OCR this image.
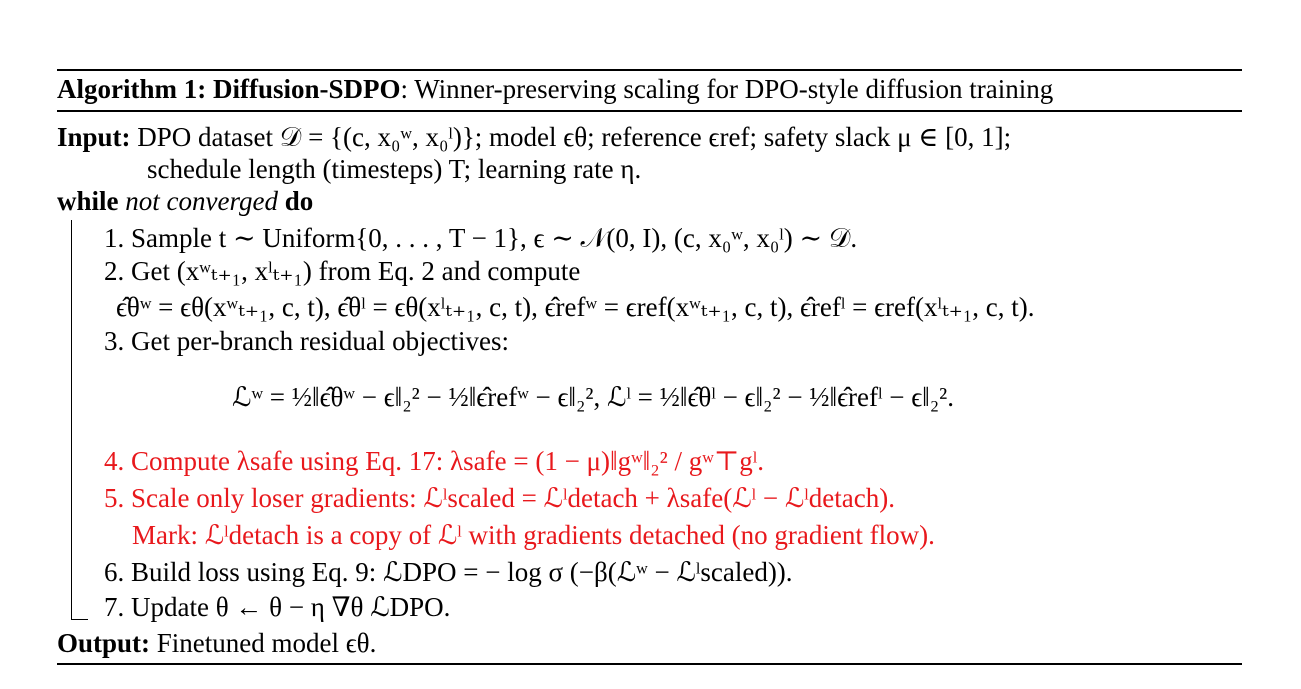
Algorithm 1: Diffusion-SDPO: Winner-preserving scaling for DPO-style diffusion training
Input: DPO dataset 𝒟 = {(c, x₀ʷ, x₀ˡ)}; model ϵθ; reference ϵref; safety slack μ ∈ [0, 1];
schedule length (timesteps) T; learning rate η.
while not converged do
1. Sample t ∼ Uniform{0, . . . , T − 1}, ϵ ∼ 𝒩(0, I), (c, x₀ʷ, x₀ˡ) ∼ 𝒟.
2. Get (xʷₜ₊₁, xˡₜ₊₁) from Eq. 2 and compute
ϵ̂θʷ = ϵθ(xʷₜ₊₁, c, t), ϵ̂θˡ = ϵθ(xˡₜ₊₁, c, t), ϵ̂refʷ = ϵref(xʷₜ₊₁, c, t), ϵ̂refˡ = ϵref(xˡₜ₊₁, c, t).
3. Get per-branch residual objectives:
ℒʷ = ½‖ϵ̂θʷ − ϵ‖₂² − ½‖ϵ̂refʷ − ϵ‖₂², ℒˡ = ½‖ϵ̂θˡ − ϵ‖₂² − ½‖ϵ̂refˡ − ϵ‖₂².
4. Compute λsafe using Eq. 17: λsafe = (1 − μ)‖gʷ‖₂² / gʷ⊤gˡ.
5. Scale only loser gradients: ℒˡscaled = ℒˡdetach + λsafe(ℒˡ − ℒˡdetach).
Mark: ℒˡdetach is a copy of ℒˡ with gradients detached (no gradient flow).
6. Build loss using Eq. 9: ℒDPO = − log σ (−β(ℒʷ − ℒˡscaled)).
7. Update θ ← θ − η ∇θ ℒDPO.
Output: Finetuned model ϵθ.
